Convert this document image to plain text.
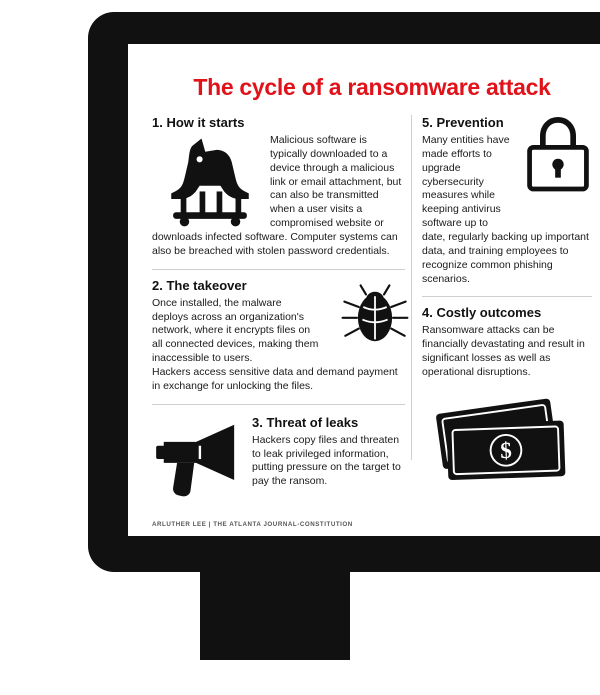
The cycle of a ransomware attack
1. How it starts

Malicious software is typically downloaded to a device through a malicious link or email attachment, but

can also be transmitted when a user visits a compromised website or downloads infected software. Computer systems can also be breached with stolen password credentials.

2. The takeover

Once installed, the malware deploys across an organization's network, where it encrypts files on all connected devices, making them inaccessible to users.

Hackers access sensitive data and demand payment in exchange for unlocking the files.

3. Threat of leaks

Hackers copy files and threaten to leak privileged information, putting pressure on the target to pay the ransom.

5. Prevention

Many entities have made efforts to upgrade cybersecurity measures while keeping antivirus software up to

date, regularly backing up important data, and training employees to recognize common phishing scenarios.

4. Costly outcomes

Ransomware attacks can be financially devastating and result in significant losses as well as operational disruptions.

$
ARLUTHER LEE | THE ATLANTA JOURNAL-CONSTITUTION
